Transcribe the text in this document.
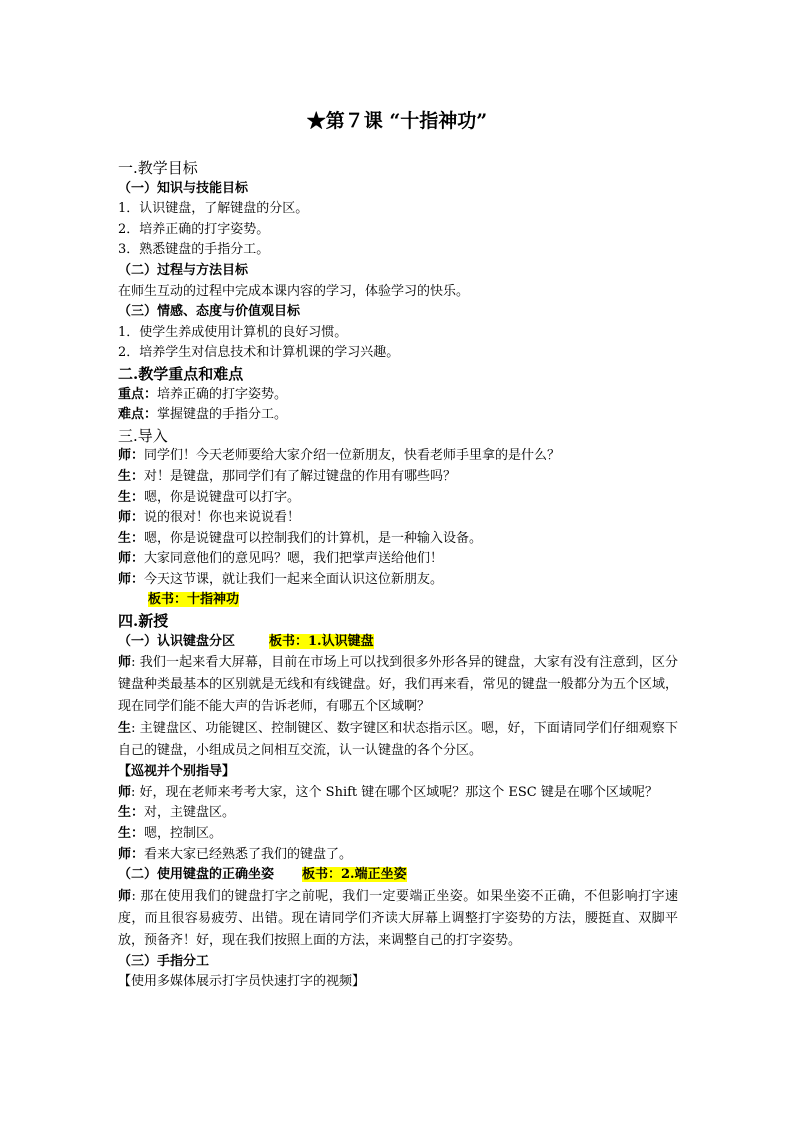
★第７课 “十指神功”
一.教学目标
（一）知识与技能目标
1．认识键盘，了解键盘的分区。
2．培养正确的打字姿势。
3．熟悉键盘的手指分工。
（二）过程与方法目标
在师生互动的过程中完成本课内容的学习，体验学习的快乐。
（三）情感、态度与价值观目标
1．使学生养成使用计算机的良好习惯。
2．培养学生对信息技术和计算机课的学习兴趣。
二.教学重点和难点
重点：培养正确的打字姿势。
难点：掌握键盘的手指分工。
三.导入
师：同学们！今天老师要给大家介绍一位新朋友，快看老师手里拿的是什么？
生：对！是键盘，那同学们有了解过键盘的作用有哪些吗？
生：嗯，你是说键盘可以打字。
师：说的很对！你也来说说看！
生：嗯，你是说键盘可以控制我们的计算机，是一种输入设备。
师：大家同意他们的意见吗？嗯，我们把掌声送给他们！
师：今天这节课，就让我们一起来全面认识这位新朋友。
板书：十指神功
四.新授
（一）认识键盘分区	板书：1.认识键盘

师: 我们一起来看大屏幕，目前在市场上可以找到很多外形各异的键盘，大家有没有注意到，区分键盘种类最基本的区别就是无线和有线键盘。好，我们再来看，常见的键盘一般都分为五个区域，现在同学们能不能大声的告诉老师，有哪五个区域啊？

生: 主键盘区、功能键区、控制键区、数字键区和状态指示区。嗯，好，下面请同学们仔细观察下自己的键盘，小组成员之间相互交流，认一认键盘的各个分区。

【巡视并个别指导】
师: 好，现在老师来考考大家，这个 Shift 键在哪个区域呢？那这个 ESC 键是在哪个区域呢？
生：对，主键盘区。
生：嗯，控制区。
师：看来大家已经熟悉了我们的键盘了。
（二）使用键盘的正确坐姿 板书：2.端正坐姿

师: 那在使用我们的键盘打字之前呢，我们一定要端正坐姿。如果坐姿不正确，不但影响打字速度，而且很容易疲劳、出错。现在请同学们齐读大屏幕上调整打字姿势的方法，腰挺直、双脚平放，预备齐！好，现在我们按照上面的方法，来调整自己的打字姿势。

（三）手指分工
【使用多媒体展示打字员快速打字的视频】
